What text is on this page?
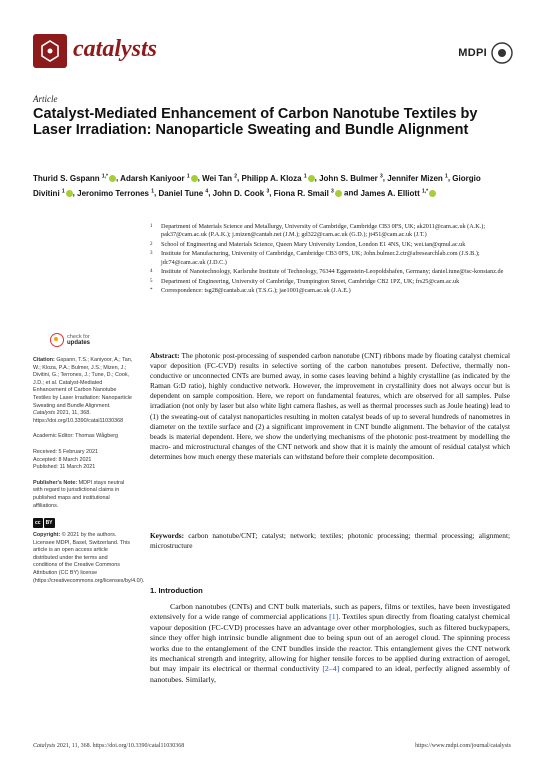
catalysts	MDPI
Article
Catalyst-Mediated Enhancement of Carbon Nanotube Textiles by Laser Irradiation: Nanoparticle Sweating and Bundle Alignment
Thurid S. Gspann $^{1,*}$ , Adarsh Kaniyoor $^1$ , Wei Tan $^2$, Philipp A. Kloza $^1$ , John S. Bulmer $^3$, Jennifer Mizen $^1$, Giorgio Divitini $^1$ , Jeronimo Terrones $^1$, Daniel Tune $^4$, John D. Cook $^3$, Fiona R. Smail $^3$ and James A. Elliott $^{1,*}$
1	Department of Materials Science and Metallurgy, University of Cambridge, Cambridge CB3 0FS, UK; ak2011@cam.ac.uk (A.K.); pak37@cam.ac.uk (P.A.K.); j.mizen@cantab.net (J.M.); gd322@cam.ac.uk (G.D.); jt451@cam.ac.uk (J.T.)
2	School of Engineering and Materials Science, Queen Mary University London, London E1 4NS, UK; wei.tan@qmul.ac.uk
3	Institute for Manufacturing, University of Cambridge, Cambridge CB3 0FS, UK; John.bulmer.2.ctr@afresearchlab.com (J.S.B.); jdc74@cam.ac.uk (J.D.C.)
4	Institute of Nanotechnology, Karlsruhe Institute of Technology, 76344 Eggenstein-Leopoldshafen, Germany; daniel.tune@isc-konstanz.de
5	Department of Engineering, University of Cambridge, Trumpington Street, Cambridge CB2 1PZ, UK; frs25@cam.ac.uk
*	Correspondence: tsg28@cantab.ac.uk (T.S.G.); jae1001@cam.ac.uk (J.A.E.)
check for
updates
Citation: Gspann, T.S.; Kaniyoor, A.; Tan, W.; Kloza, P.A.; Bulmer, J.S.; Mizen, J.; Divitini, G.; Terrones, J.; Tune, D.; Cook, J.D.; et al. Catalyst-Mediated Enhancement of Carbon Nanotube Textiles by Laser Irradiation: Nanoparticle Sweating and Bundle Alignment. Catalysts 2021, 11, 368. https://doi.org/10.3390/catal11030368
Academic Editor: Thomas Wågberg
Received: 5 February 2021
Accepted: 8 March 2021
Published: 11 March 2021
Publisher's Note: MDPI stays neutral with regard to jurisdictional claims in published maps and institutional affiliations.
cc	BY
Copyright: © 2021 by the authors. Licensee MDPI, Basel, Switzerland. This article is an open access article distributed under the terms and conditions of the Creative Commons Attribution (CC BY) license (https://creativecommons.org/licenses/by/4.0/).
Abstract: The photonic post-processing of suspended carbon nanotube (CNT) ribbons made by floating catalyst chemical vapor deposition (FC-CVD) results in selective sorting of the carbon nanotubes present. Defective, thermally non-conductive or unconnected CNTs are burned away, in some cases leaving behind a highly crystalline (as indicated by the Raman G:D ratio), highly conductive network. However, the improvement in crystallinity does not always occur but is dependent on sample composition. Here, we report on fundamental features, which are observed for all samples. Pulse irradiation (not only by laser but also white light camera flashes, as well as thermal processes such as Joule heating) lead to (1) the sweating-out of catalyst nanoparticles resulting in molten catalyst beads of up to several hundreds of nanometres in diameter on the textile surface and (2) a significant improvement in CNT bundle alignment. The behavior of the catalyst beads is material dependent. Here, we show the underlying mechanisms of the photonic post-treatment by modelling the macro- and microstructural changes of the CNT network and show that it is mainly the amount of residual catalyst which determines how much energy these materials can withstand before their complete decomposition.
Keywords: carbon nanotube/CNT; catalyst; network; textiles; photonic processing; thermal processing; alignment; microstructure
1. Introduction
Carbon nanotubes (CNTs) and CNT bulk materials, such as papers, films or textiles, have been investigated extensively for a wide range of commercial applications [1]. Textiles spun directly from floating catalyst chemical vapour deposition (FC-CVD) processes have an advantage over other morphologies, such as filtered buckypapers, since they offer high intrinsic bundle alignment due to being spun out of an aerogel cloud. The spinning process works due to the entanglement of the CNT bundles inside the reactor. This entanglement gives the CNT network its mechanical strength and integrity, allowing for higher tensile forces to be applied during extraction of aerogel, but may impair its electrical or thermal conductivity [2–4] compared to an ideal, perfectly aligned assembly of nanotubes. Similarly,
Catalysts 2021, 11, 368. https://doi.org/10.3390/catal11030368	https://www.mdpi.com/journal/catalysts
